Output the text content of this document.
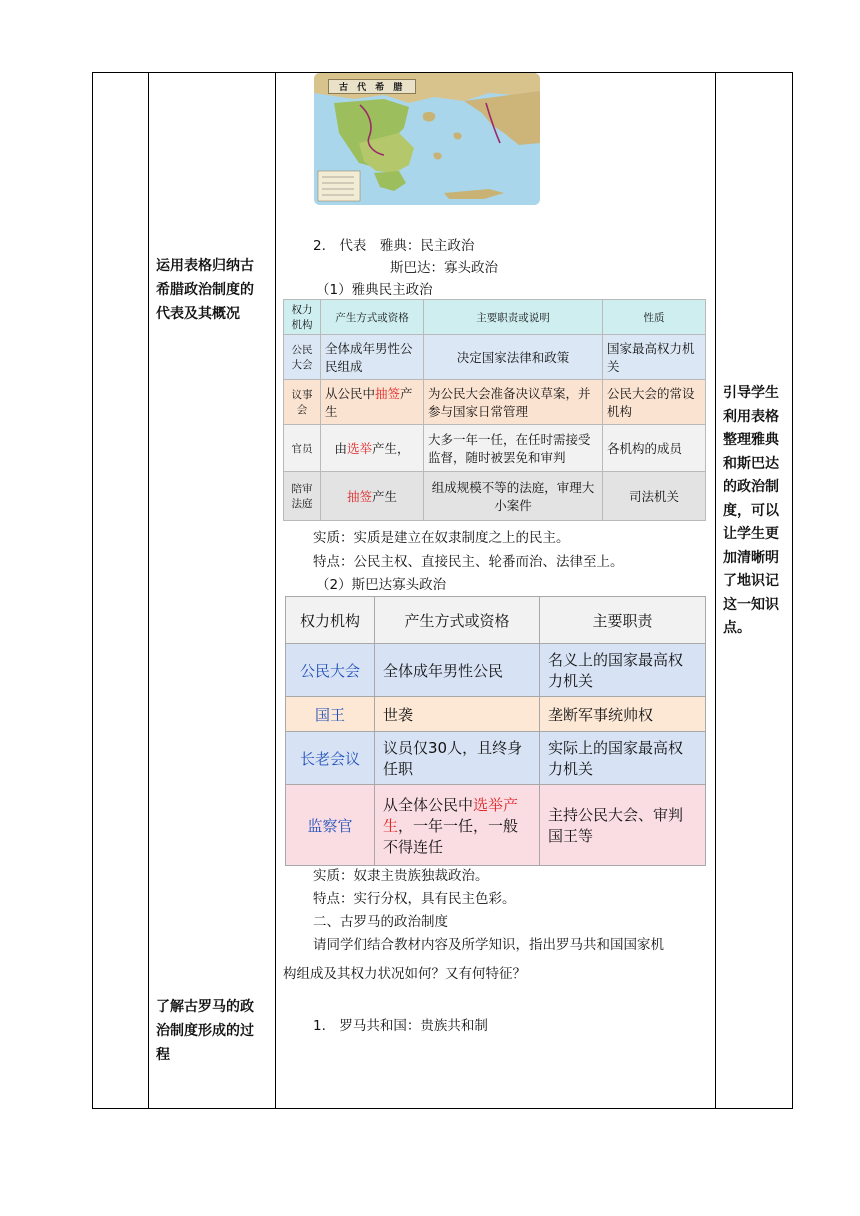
运用表格归纳古
希腊政治制度的
代表及其概况
了解古罗马的政
治制度形成的过
程
古 代 希 腊
2.　代表　雅典：民主政治
斯巴达：寡头政治
（1）雅典民主政治
权力机构	产生方式或资格	主要职责或说明	性质
公民大会	全体成年男性公民组成	决定国家法律和政策	国家最高权力机关
议事会	从公民中抽签产生	为公民大会准备决议草案，并参与国家日常管理	公民大会的常设机构
官员	由选举产生，	大多一年一任，在任时需接受监督，随时被罢免和审判	各机构的成员
陪审法庭	抽签产生	组成规模不等的法庭，审理大小案件	司法机关
实质：实质是建立在奴隶制度之上的民主。
特点：公民主权、直接民主、轮番而治、法律至上。
（2）斯巴达寡头政治
权力机构	产生方式或资格	主要职责
公民大会	全体成年男性公民	名义上的国家最高权力机关
国王	世袭	垄断军事统帅权
长老会议	议员仅30人，且终身任职	实际上的国家最高权力机关
监察官	从全体公民中选举产生，一年一任，一般不得连任	主持公民大会、审判国王等
实质：奴隶主贵族独裁政治。
特点：实行分权，具有民主色彩。
二、古罗马的政治制度
请同学们结合教材内容及所学知识，指出罗马共和国国家机
构组成及其权力状况如何？又有何特征？
1.　罗马共和国：贵族共和制
引导学生
利用表格
整理雅典
和斯巴达
的政治制
度，可以
让学生更
加清晰明
了地识记
这一知识
点。
